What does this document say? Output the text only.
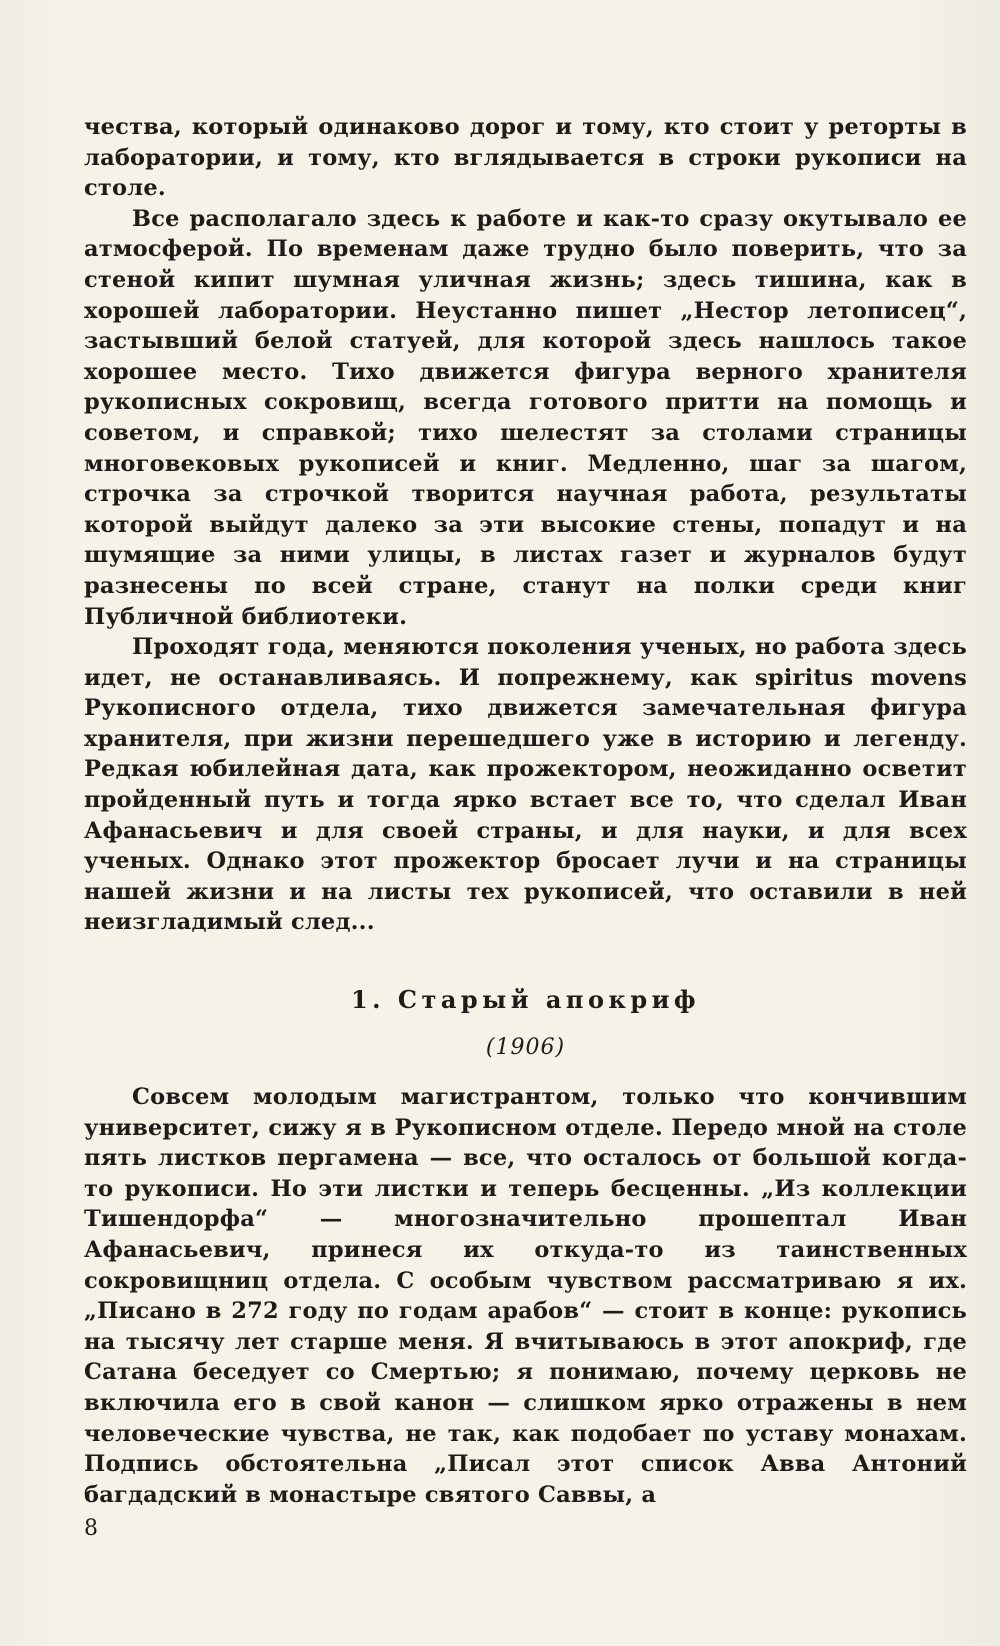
чества, который одинаково дорог и тому, кто стоит у реторты в лаборатории, и тому, кто вглядывается в строки рукописи на столе.

Все располагало здесь к работе и как-то сразу окутывало ее атмосферой. По временам даже трудно было поверить, что за стеной кипит шумная уличная жизнь; здесь тишина, как в хорошей лаборатории. Неустанно пишет „Нестор летописец“, застывший белой статуей, для которой здесь нашлось такое хорошее место. Тихо движется фигура верного хранителя рукописных сокровищ, всегда готового притти на помощь и советом, и справкой; тихо шелестят за столами страницы многовековых рукописей и книг. Медленно, шаг за шагом, строчка за строчкой творится научная работа, результаты которой выйдут далеко за эти высокие стены, попадут и на шумящие за ними улицы, в листах газет и журналов будут разнесены по всей стране, станут на полки среди книг Публичной библиотеки.

Проходят года, меняются поколения ученых, но работа здесь идет, не останавливаясь. И попрежнему, как spiritus movens Рукописного отдела, тихо движется замечательная фигура хранителя, при жизни перешедшего уже в историю и легенду. Редкая юбилейная дата, как прожектором, неожиданно осветит пройденный путь и тогда ярко встает все то, что сделал Иван Афанасьевич и для своей страны, и для науки, и для всех ученых. Однако этот прожектор бросает лучи и на страницы нашей жизни и на листы тех рукописей, что оставили в ней неизгладимый след...

1. Старый апокриф
(1906)

Совсем молодым магистрантом, только что кончившим университет, сижу я в Рукописном отделе. Передо мной на столе пять листков пергамена — все, что осталось от большой когда-то рукописи. Но эти листки и теперь бесценны. „Из коллекции Тишендорфа“ — многозначительно прошептал Иван Афанасьевич, принеся их откуда-то из таинственных сокровищниц отдела. С особым чувством рассматриваю я их. „Писано в 272 году по годам арабов“ — стоит в конце: рукопись на тысячу лет старше меня. Я вчитываюсь в этот апокриф, где Сатана беседует со Смертью; я понимаю, почему церковь не включила его в свой канон — слишком ярко отражены в нем человеческие чувства, не так, как подобает по уставу монахам. Подпись обстоятельна „Писал этот список Авва Антоний багдадский в монастыре святого Саввы, а

8
